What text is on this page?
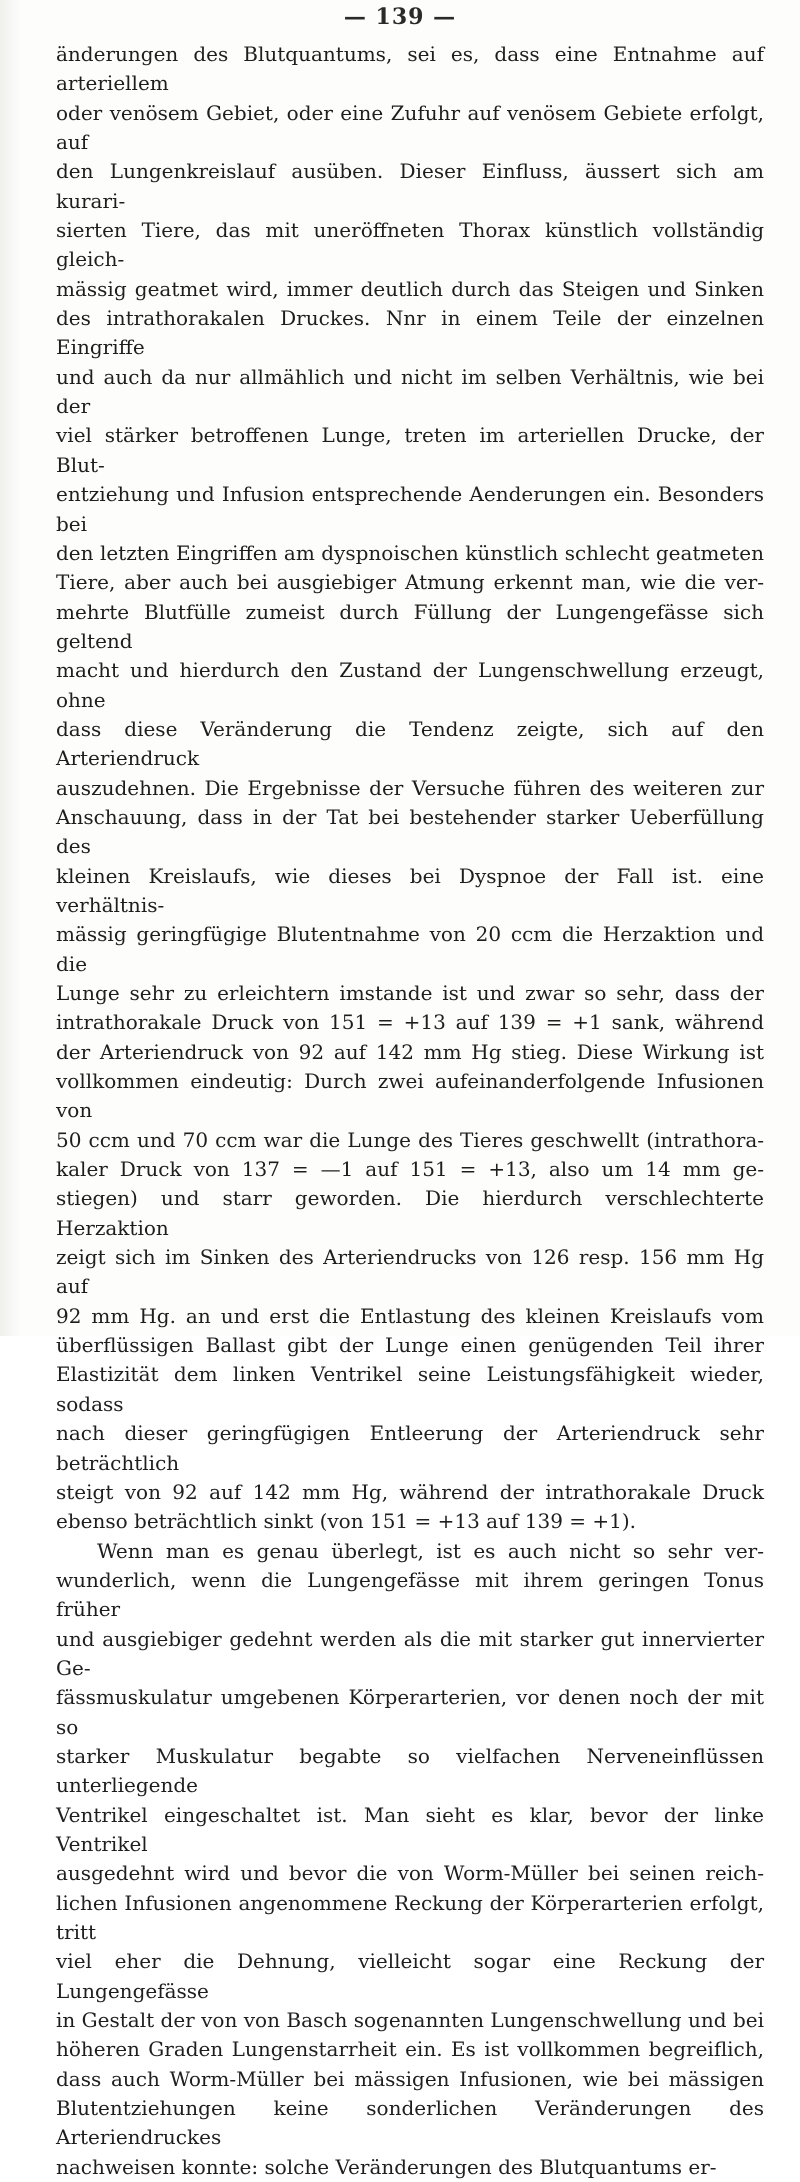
— 139 —

änderungen des Blutquantums, sei es, dass eine Entnahme auf arteriellem

oder venösem Gebiet, oder eine Zufuhr auf venösem Gebiete erfolgt, auf

den Lungenkreislauf ausüben. Dieser Einfluss, äussert sich am kurari-

sierten Tiere, das mit uneröffneten Thorax künstlich vollständig gleich-

mässig geatmet wird, immer deutlich durch das Steigen und Sinken

des intrathorakalen Druckes. Nnr in einem Teile der einzelnen Eingriffe

und auch da nur allmählich und nicht im selben Verhältnis, wie bei der

viel stärker betroffenen Lunge, treten im arteriellen Drucke, der Blut-

entziehung und Infusion entsprechende Aenderungen ein. Besonders bei

den letzten Eingriffen am dyspnoischen künstlich schlecht geatmeten

Tiere, aber auch bei ausgiebiger Atmung erkennt man, wie die ver-

mehrte Blutfülle zumeist durch Füllung der Lungengefässe sich geltend

macht und hierdurch den Zustand der Lungenschwellung erzeugt, ohne

dass diese Veränderung die Tendenz zeigte, sich auf den Arteriendruck

auszudehnen. Die Ergebnisse der Versuche führen des weiteren zur

Anschauung, dass in der Tat bei bestehender starker Ueberfüllung des

kleinen Kreislaufs, wie dieses bei Dyspnoe der Fall ist. eine verhältnis-

mässig geringfügige Blutentnahme von 20 ccm die Herzaktion und die

Lunge sehr zu erleichtern imstande ist und zwar so sehr, dass der

intrathorakale Druck von 151 = +13 auf 139 = +1 sank, während

der Arteriendruck von 92 auf 142 mm Hg stieg. Diese Wirkung ist

vollkommen eindeutig: Durch zwei aufeinanderfolgende Infusionen von

50 ccm und 70 ccm war die Lunge des Tieres geschwellt (intrathora-

kaler Druck von 137 = —1 auf 151 = +13, also um 14 mm ge-

stiegen) und starr geworden. Die hierdurch verschlechterte Herzaktion

zeigt sich im Sinken des Arteriendrucks von 126 resp. 156 mm Hg auf

92 mm Hg. an und erst die Entlastung des kleinen Kreislaufs vom

überflüssigen Ballast gibt der Lunge einen genügenden Teil ihrer

Elastizität dem linken Ventrikel seine Leistungsfähigkeit wieder, sodass

nach dieser geringfügigen Entleerung der Arteriendruck sehr beträchtlich

steigt von 92 auf 142 mm Hg, während der intrathorakale Druck

ebenso beträchtlich sinkt (von 151 = +13 auf 139 = +1).

Wenn man es genau überlegt, ist es auch nicht so sehr ver-

wunderlich, wenn die Lungengefässe mit ihrem geringen Tonus früher

und ausgiebiger gedehnt werden als die mit starker gut innervierter Ge-

fässmuskulatur umgebenen Körperarterien, vor denen noch der mit so

starker Muskulatur begabte so vielfachen Nerveneinflüssen unterliegende

Ventrikel eingeschaltet ist. Man sieht es klar, bevor der linke Ventrikel

ausgedehnt wird und bevor die von Worm-Müller bei seinen reich-

lichen Infusionen angenommene Reckung der Körperarterien erfolgt, tritt

viel eher die Dehnung, vielleicht sogar eine Reckung der Lungengefässe

in Gestalt der von von Basch sogenannten Lungenschwellung und bei

höheren Graden Lungenstarrheit ein. Es ist vollkommen begreiflich,

dass auch Worm-Müller bei mässigen Infusionen, wie bei mässigen

Blutentziehungen keine sonderlichen Veränderungen des Arteriendruckes

nachweisen konnte: solche Veränderungen des Blutquantums er-
